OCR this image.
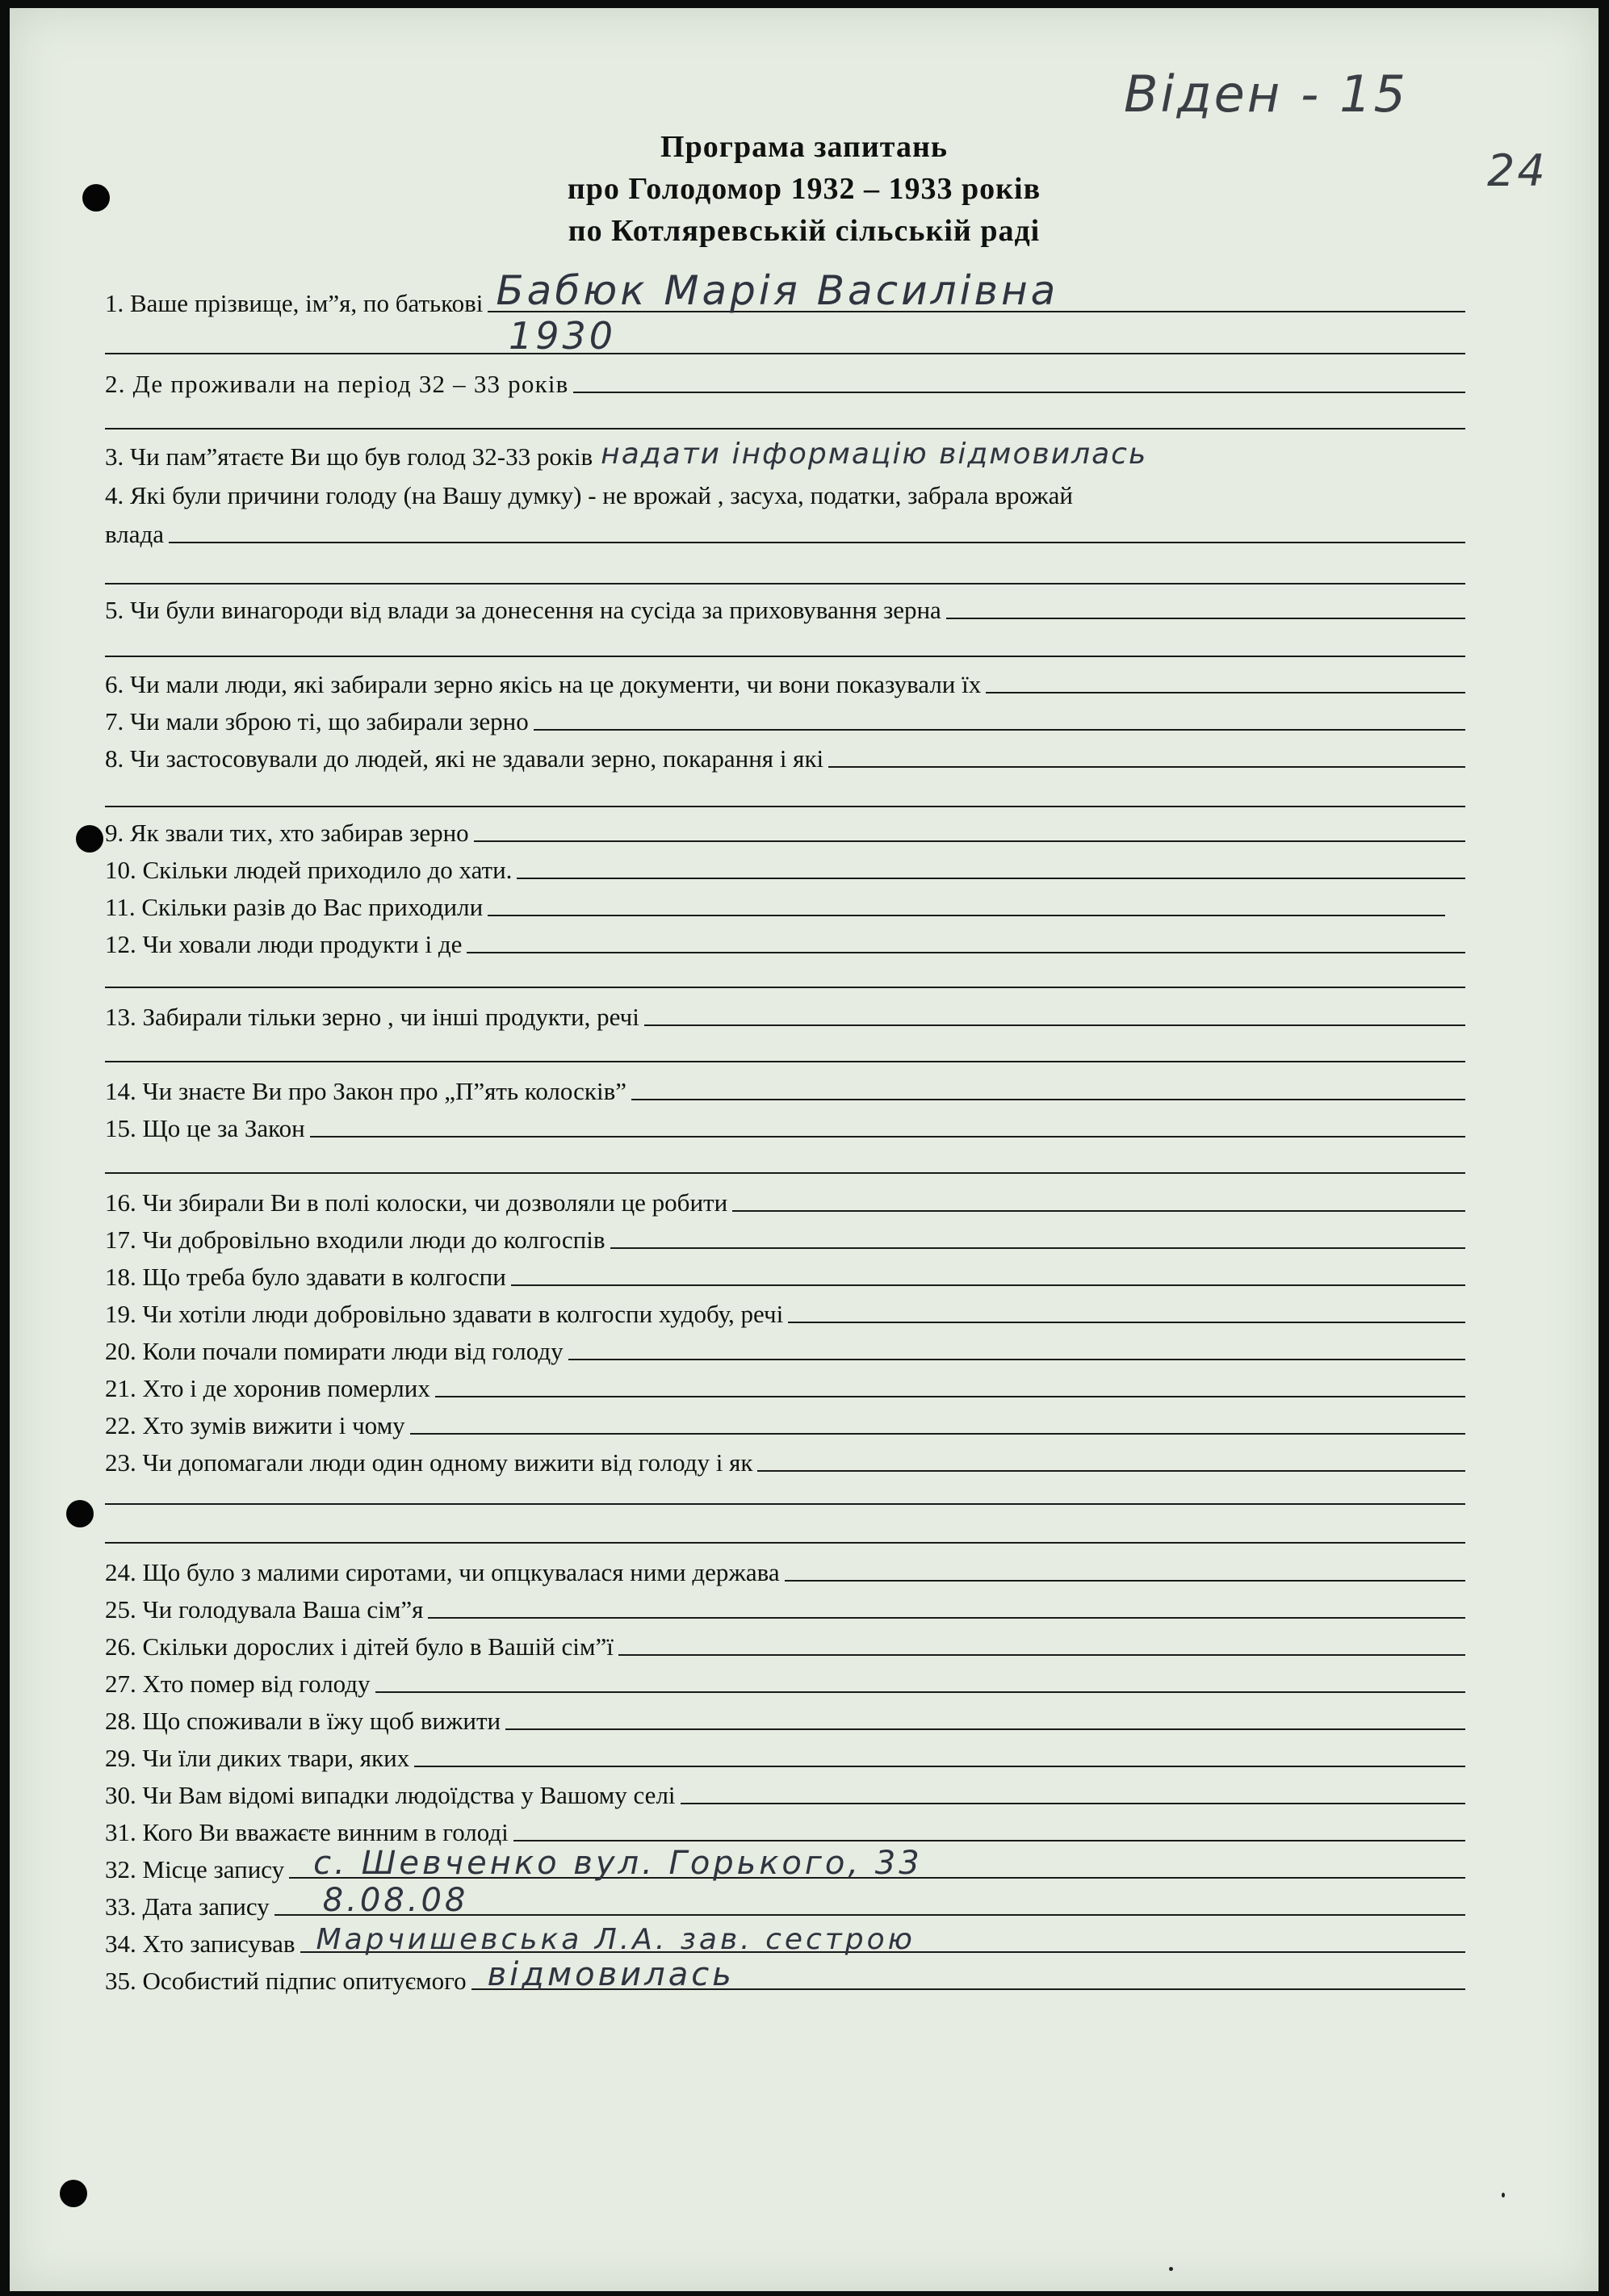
Віден - 15
24
Програма запитань
про Голодомор 1932 – 1933 років
по Котляревській сільській раді
1. Ваше прізвище, ім”я, по батькові Бабюк Марія Василівна
1930
2. Де проживали на період 32 – 33 років
3. Чи пам”ятаєте Ви що був голод 32-33 років надати інформацію відмовилась
4. Які були причини голоду (на Вашу думку) - не врожай , засуха, податки, забрала врожай
влада
5. Чи були винагороди від влади за донесення на сусіда за приховування зерна
6. Чи мали люди, які забирали зерно якісь на це документи, чи вони показували їх
7. Чи мали зброю ті, що забирали зерно
8. Чи застосовували до людей, які не здавали зерно, покарання і які
9. Як звали тих, хто забирав зерно
10. Скільки людей приходило до хати.
11. Скільки разів до Вас приходили
12. Чи ховали люди продукти і де
13. Забирали тільки зерно , чи інші продукти, речі
14. Чи знаєте Ви про Закон про „П”ять колосків”
15. Що це за Закон
16. Чи збирали Ви в полі колоски, чи дозволяли це робити
17. Чи добровільно входили люди до колгоспів
18. Що треба було здавати в колгоспи
19. Чи хотіли люди добровільно здавати в колгоспи худобу, речі
20. Коли почали помирати люди від голоду
21. Хто і де хоронив померлих
22. Хто зумів вижити і чому
23. Чи допомагали люди один одному вижити від голоду і як
24. Що було з малими сиротами, чи опцкувалася ними держава
25. Чи голодувала Ваша сім”я
26. Скільки дорослих і дітей було в Вашій сім”ї
27. Хто помер від голоду
28. Що споживали в їжу щоб вижити
29. Чи їли диких твари, яких
30. Чи Вам відомі випадки людоїдства у Вашому селі
31. Кого Ви вважаєте винним в голоді
32. Місце запису с. Шевченко вул. Горького, 33
33. Дата запису 8.08.08
34. Хто записував Марчишевська Л.А. зав. сестрою
35. Особистий підпис опитуємого відмовилась
